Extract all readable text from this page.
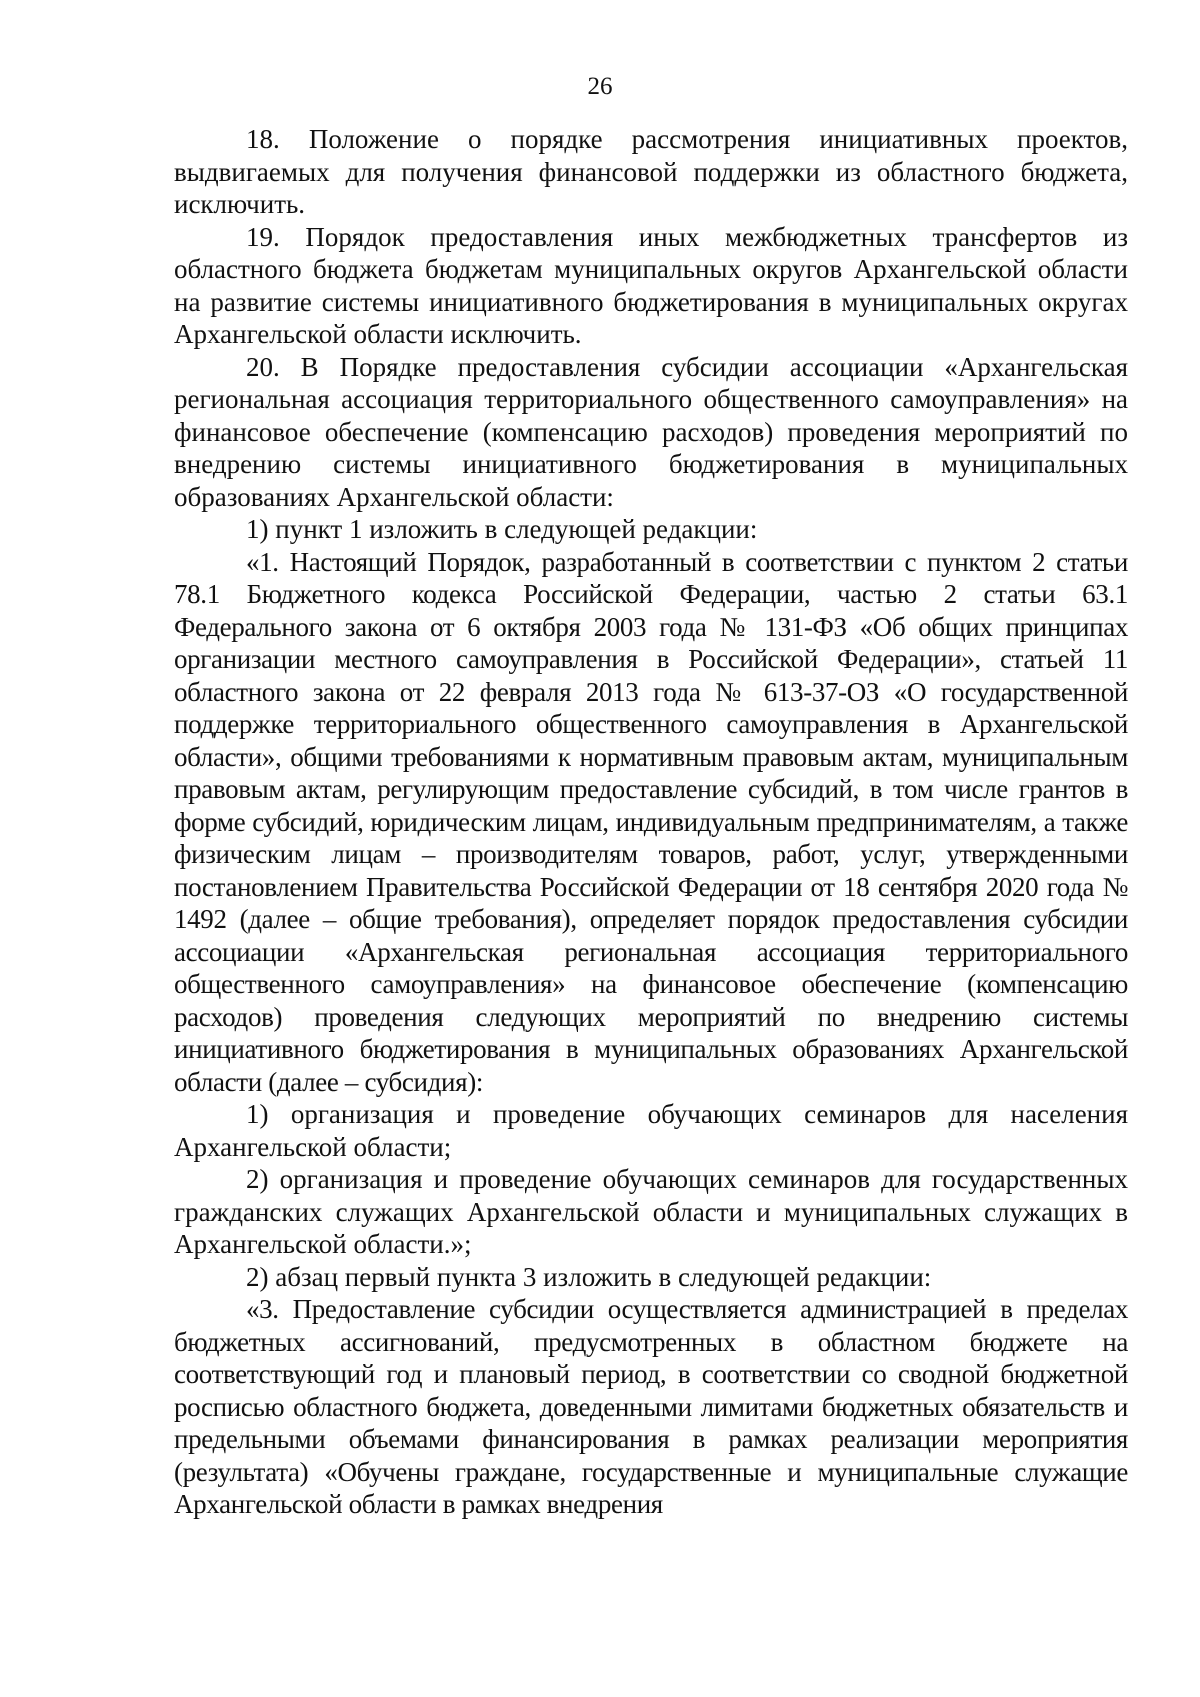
26

18. Положение о порядке рассмотрения инициативных проектов, выдвигаемых для получения финансовой поддержки из областного бюджета, исключить.

19. Порядок предоставления иных межбюджетных трансфертов из областного бюджета бюджетам муниципальных округов Архангельской области на развитие системы инициативного бюджетирования в муниципальных округах Архангельской области исключить.

20. В Порядке предоставления субсидии ассоциации «Архангельская региональная ассоциация территориального общественного самоуправления» на финансовое обеспечение (компенсацию расходов) проведения мероприятий по внедрению системы инициативного бюджетирования в муниципальных образованиях Архангельской области:

1) пункт 1 изложить в следующей редакции:

«1. Настоящий Порядок, разработанный в соответствии с пунктом 2 статьи 78.1 Бюджетного кодекса Российской Федерации, частью 2 статьи 63.1 Федерального закона от 6 октября 2003 года № 131-ФЗ «Об общих принципах организации местного самоуправления в Российской Федерации», статьей 11 областного закона от 22 февраля 2013 года № 613-37-ОЗ «О государственной поддержке территориального общественного самоуправления в Архангельской области», общими требованиями к нормативным правовым актам, муниципальным правовым актам, регулирующим предоставление субсидий, в том числе грантов в форме субсидий, юридическим лицам, индивидуальным предпринимателям, а также физическим лицам – производителям товаров, работ, услуг, утвержденными постановлением Правительства Российской Федерации от 18 сентября 2020 года № 1492 (далее – общие требования), определяет порядок предоставления субсидии ассоциации «Архангельская региональная ассоциация территориального общественного самоуправления» на финансовое обеспечение (компенсацию расходов) проведения следующих мероприятий по внедрению системы инициативного бюджетирования в муниципальных образованиях Архангельской области (далее – субсидия):

1) организация и проведение обучающих семинаров для населения Архангельской области;

2) организация и проведение обучающих семинаров для государственных гражданских служащих Архангельской области и муниципальных служащих в Архангельской области.»;

2) абзац первый пункта 3 изложить в следующей редакции:

«3. Предоставление субсидии осуществляется администрацией в пределах бюджетных ассигнований, предусмотренных в областном бюджете на соответствующий год и плановый период, в соответствии со сводной бюджетной росписью областного бюджета, доведенными лимитами бюджетных обязательств и предельными объемами финансирования в рамках реализации мероприятия (результата) «Обучены граждане, государственные и муниципальные служащие Архангельской области в рамках внедрения
